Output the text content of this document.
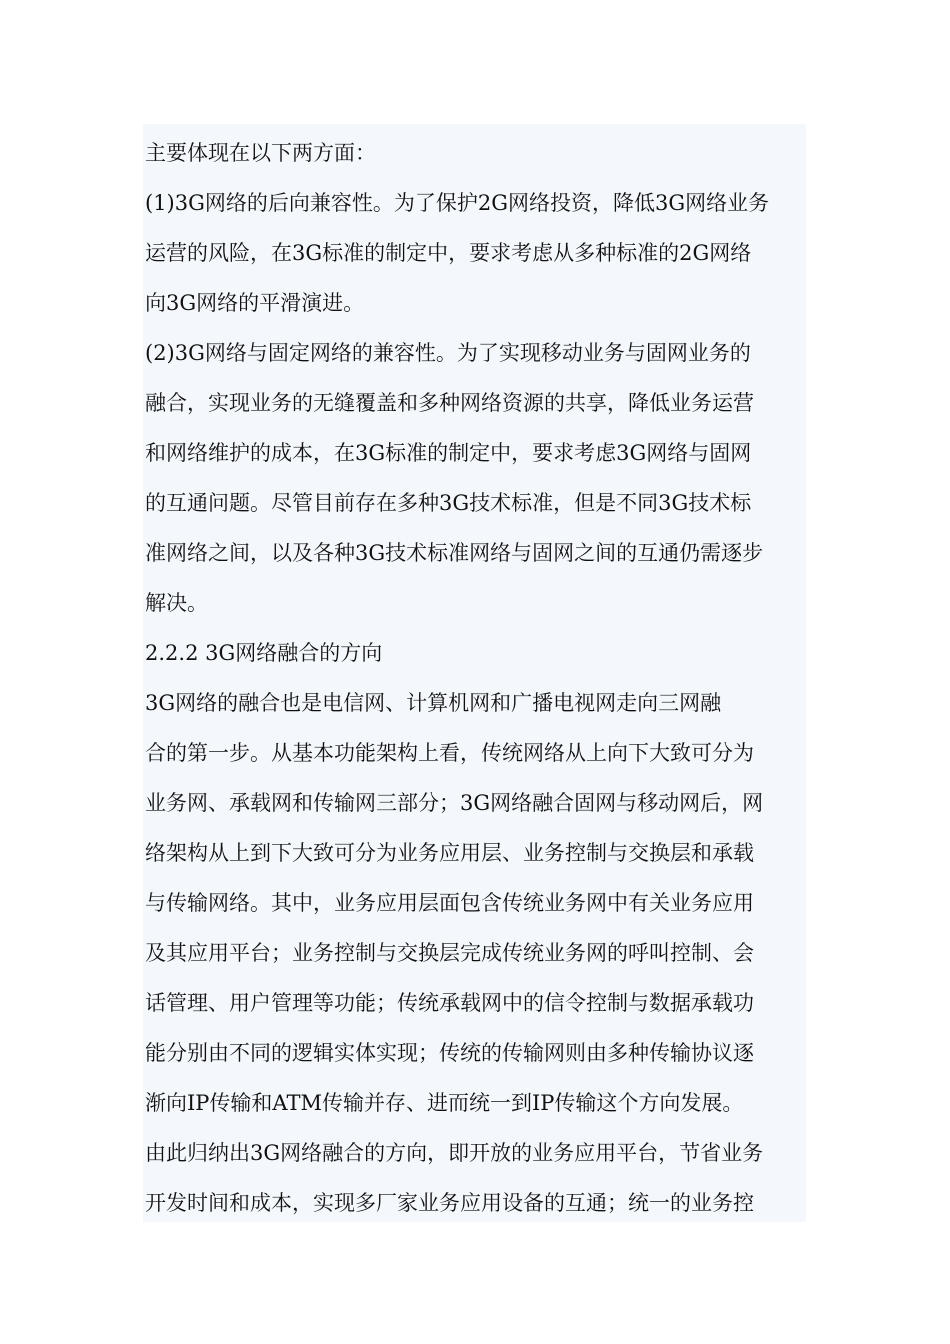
主要体现在以下两方面：
(1)3G网络的后向兼容性。为了保护2G网络投资，降低3G网络业务
运营的风险，在3G标准的制定中，要求考虑从多种标准的2G网络
向3G网络的平滑演进。
(2)3G网络与固定网络的兼容性。为了实现移动业务与固网业务的
融合，实现业务的无缝覆盖和多种网络资源的共享，降低业务运营
和网络维护的成本，在3G标准的制定中，要求考虑3G网络与固网
的互通问题。尽管目前存在多种3G技术标准，但是不同3G技术标
准网络之间，以及各种3G技术标准网络与固网之间的互通仍需逐步
解决。
2.2.2 3G网络融合的方向
3G网络的融合也是电信网、计算机网和广播电视网走向三网融
合的第一步。从基本功能架构上看，传统网络从上向下大致可分为
业务网、承载网和传输网三部分；3G网络融合固网与移动网后，网
络架构从上到下大致可分为业务应用层、业务控制与交换层和承载
与传输网络。其中，业务应用层面包含传统业务网中有关业务应用
及其应用平台；业务控制与交换层完成传统业务网的呼叫控制、会
话管理、用户管理等功能；传统承载网中的信令控制与数据承载功
能分别由不同的逻辑实体实现；传统的传输网则由多种传输协议逐
渐向IP传输和ATM传输并存、进而统一到IP传输这个方向发展。
由此归纳出3G网络融合的方向，即开放的业务应用平台，节省业务
开发时间和成本，实现多厂家业务应用设备的互通；统一的业务控
